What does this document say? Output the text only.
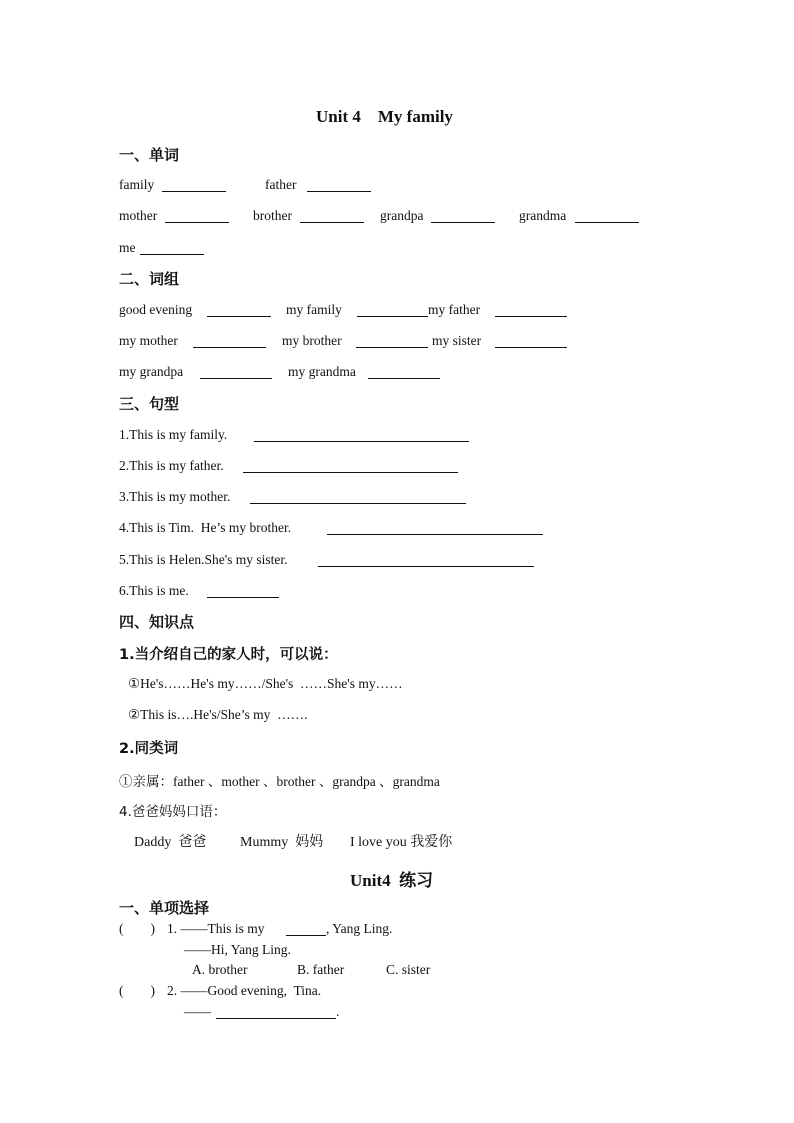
Unit 4    My family
一、单词
family	father
mother	brother	grandpa	grandma
me
二、词组
good evening	my family	my father
my mother	my brother	my sister
my grandpa	my grandma
三、句型
1.This is my family.
2.This is my father.
3.This is my mother.
4.This is Tim.  He’s my brother.
5.This is Helen.She's my sister.
6.This is me.
四、知识点
1.当介绍自己的家人时，可以说：
①He's……He's my……/She's  ……She's my……
②This is….He's/She’s my  …….
2.同类词
①亲属：father 、mother 、brother 、grandpa 、grandma
4.爸爸妈妈口语：
Daddy  爸爸 Mummy  妈妈 I love you 我爱你
Unit4  练习
一、单项选择
(        ) 1. ——This is my	, Yang Ling.
——Hi, Yang Ling.
A. brother	B. father	C. sister
(        ) 2. ——Good evening,  Tina.
——	.
